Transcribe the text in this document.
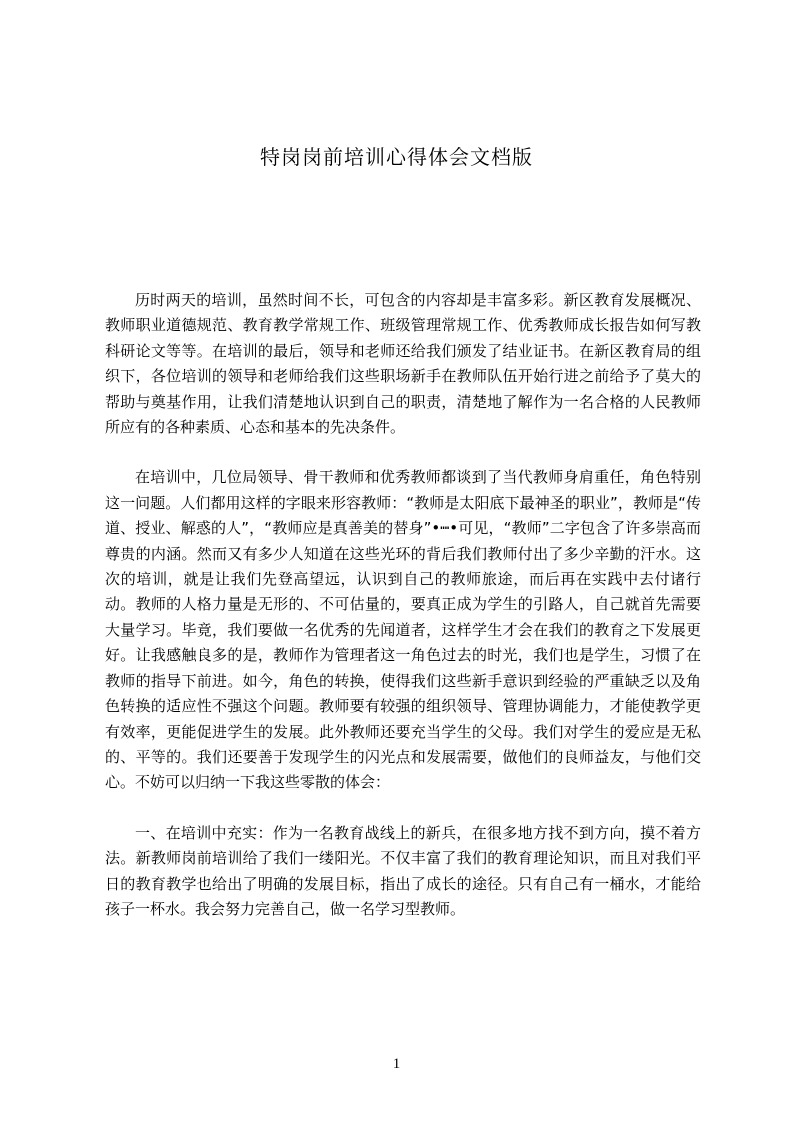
特岗岗前培训心得体会文档版

历时两天的培训，虽然时间不长，可包含的内容却是丰富多彩。新区教育发展概况、教师职业道德规范、教育教学常规工作、班级管理常规工作、优秀教师成长报告如何写教科研论文等等。在培训的最后，领导和老师还给我们颁发了结业证书。在新区教育局的组织下，各位培训的领导和老师给我们这些职场新手在教师队伍开始行进之前给予了莫大的帮助与奠基作用，让我们清楚地认识到自己的职责，清楚地了解作为一名合格的人民教师所应有的各种素质、心态和基本的先决条件。

在培训中，几位局领导、骨干教师和优秀教师都谈到了当代教师身肩重任，角色特别这一问题。人们都用这样的字眼来形容教师：“教师是太阳底下最神圣的职业”，教师是“传道、授业、解惑的人”，“教师应是真善美的替身”•┉•可见，“教师”二字包含了许多崇高而尊贵的内涵。然而又有多少人知道在这些光环的背后我们教师付出了多少辛勤的汗水。这次的培训，就是让我们先登高望远，认识到自己的教师旅途，而后再在实践中去付诸行动。教师的人格力量是无形的、不可估量的，要真正成为学生的引路人，自己就首先需要大量学习。毕竟，我们要做一名优秀的先闻道者，这样学生才会在我们的教育之下发展更好。让我感触良多的是，教师作为管理者这一角色过去的时光，我们也是学生，习惯了在教师的指导下前进。如今，角色的转换，使得我们这些新手意识到经验的严重缺乏以及角色转换的适应性不强这个问题。教师要有较强的组织领导、管理协调能力，才能使教学更有效率，更能促进学生的发展。此外教师还要充当学生的父母。我们对学生的爱应是无私的、平等的。我们还要善于发现学生的闪光点和发展需要，做他们的良师益友，与他们交心。不妨可以归纳一下我这些零散的体会：

一、在培训中充实：作为一名教育战线上的新兵，在很多地方找不到方向，摸不着方法。新教师岗前培训给了我们一缕阳光。不仅丰富了我们的教育理论知识，而且对我们平日的教育教学也给出了明确的发展目标，指出了成长的途径。只有自己有一桶水，才能给孩子一杯水。我会努力完善自己，做一名学习型教师。

1
